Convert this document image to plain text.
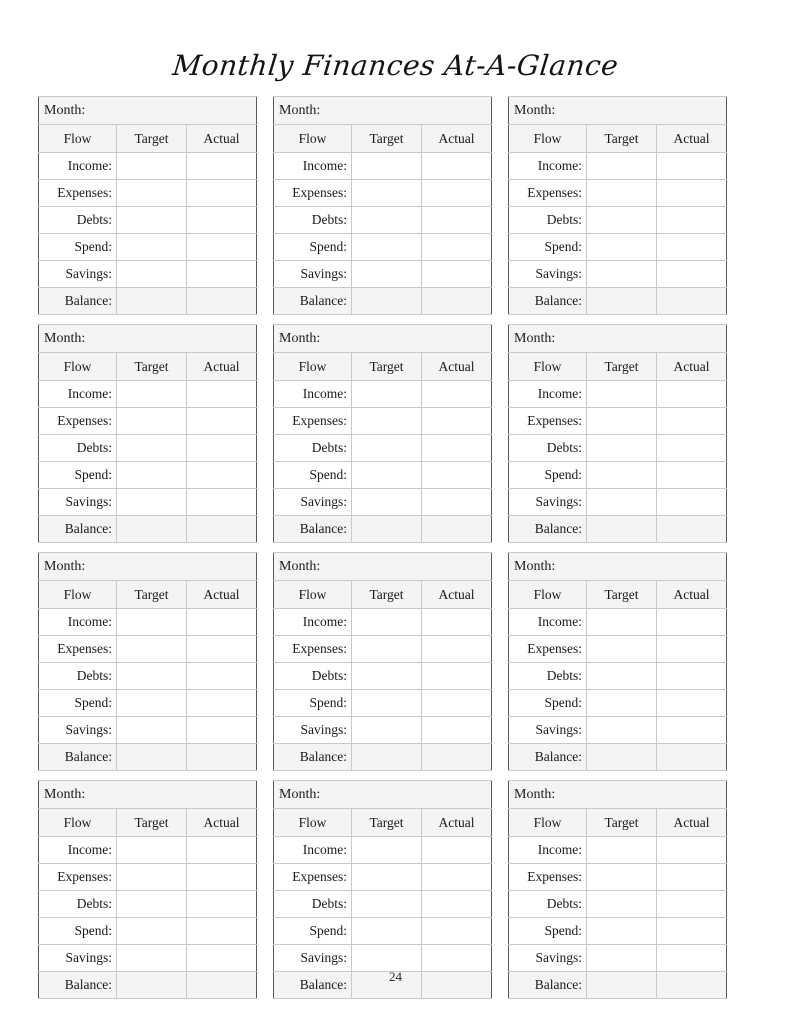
Monthly Finances At-A-Glance
Month:		
Flow	Target	Actual
Income:		
Expenses:		
Debts:		
Spend:		
Savings:		
Balance:		
Month:		
Flow	Target	Actual
Income:		
Expenses:		
Debts:		
Spend:		
Savings:		
Balance:		
Month:		
Flow	Target	Actual
Income:		
Expenses:		
Debts:		
Spend:		
Savings:		
Balance:		
Month:		
Flow	Target	Actual
Income:		
Expenses:		
Debts:		
Spend:		
Savings:		
Balance:		
Month:		
Flow	Target	Actual
Income:		
Expenses:		
Debts:		
Spend:		
Savings:		
Balance:		
Month:		
Flow	Target	Actual
Income:		
Expenses:		
Debts:		
Spend:		
Savings:		
Balance:		
Month:		
Flow	Target	Actual
Income:		
Expenses:		
Debts:		
Spend:		
Savings:		
Balance:		
Month:		
Flow	Target	Actual
Income:		
Expenses:		
Debts:		
Spend:		
Savings:		
Balance:		
Month:		
Flow	Target	Actual
Income:		
Expenses:		
Debts:		
Spend:		
Savings:		
Balance:		
Month:		
Flow	Target	Actual
Income:		
Expenses:		
Debts:		
Spend:		
Savings:		
Balance:		
Month:		
Flow	Target	Actual
Income:		
Expenses:		
Debts:		
Spend:		
Savings:		
Balance:		
Month:		
Flow	Target	Actual
Income:		
Expenses:		
Debts:		
Spend:		
Savings:		
Balance:		
24
